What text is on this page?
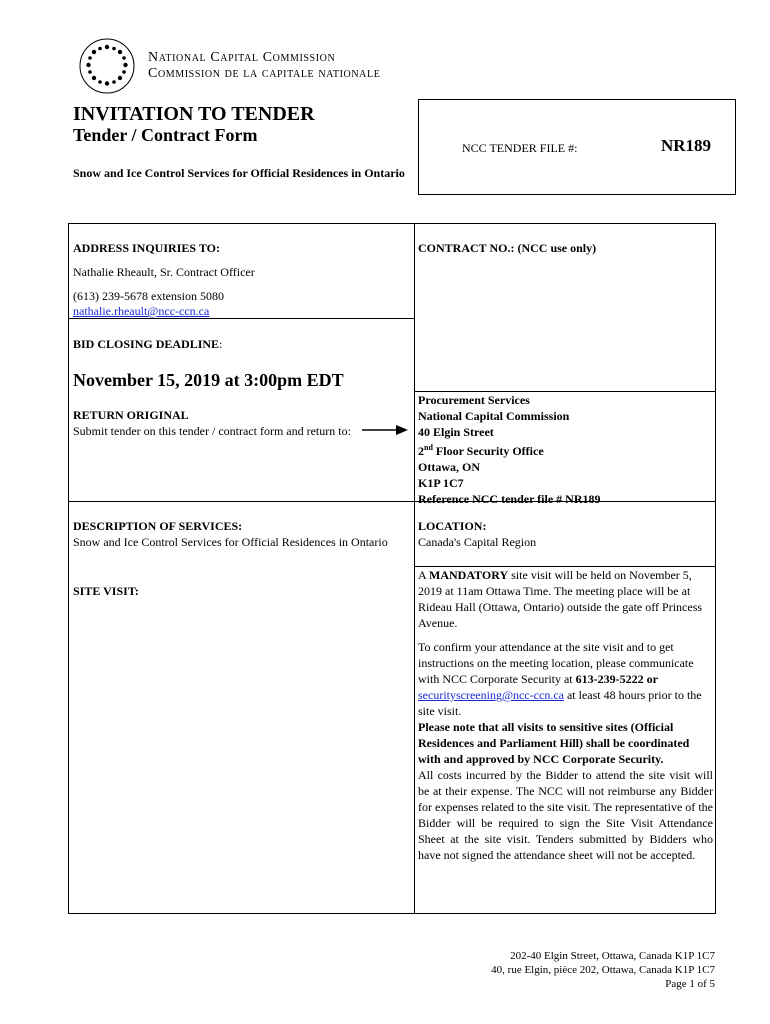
National Capital Commission
Commission de la capitale nationale
INVITATION TO TENDER
Tender / Contract Form
Snow and Ice Control Services for Official Residences in Ontario
NCC TENDER FILE #:	NR189
ADDRESS INQUIRIES TO:
Nathalie Rheault, Sr. Contract Officer
(613) 239-5678 extension 5080
nathalie.rheault@ncc-ccn.ca
CONTRACT NO.: (NCC use only)
BID CLOSING DEADLINE:
November 15, 2019 at 3:00pm EDT
RETURN ORIGINAL
Submit tender on this tender / contract form and return to:
Procurement Services
National Capital Commission
40 Elgin Street
2nd Floor Security Office
Ottawa, ON
K1P 1C7
Reference NCC tender file # NR189
DESCRIPTION OF SERVICES:
Snow and Ice Control Services for Official Residences in Ontario
LOCATION:
Canada's Capital Region
SITE VISIT:
A MANDATORY site visit will be held on November 5, 2019 at 11am Ottawa Time. The meeting place will be at Rideau Hall (Ottawa, Ontario) outside the gate off Princess Avenue.
To confirm your attendance at the site visit and to get instructions on the meeting location, please communicate with NCC Corporate Security at 613-239-5222 or securityscreening@ncc-ccn.ca at least 48 hours prior to the site visit.
Please note that all visits to sensitive sites (Official Residences and Parliament Hill) shall be coordinated with and approved by NCC Corporate Security.
All costs incurred by the Bidder to attend the site visit will be at their expense. The NCC will not reimburse any Bidder for expenses related to the site visit. The representative of the Bidder will be required to sign the Site Visit Attendance Sheet at the site visit. Tenders submitted by Bidders who have not signed the attendance sheet will not be accepted.
202-40 Elgin Street, Ottawa, Canada K1P 1C7
40, rue Elgin, pièce 202, Ottawa, Canada K1P 1C7
Page 1 of 5
